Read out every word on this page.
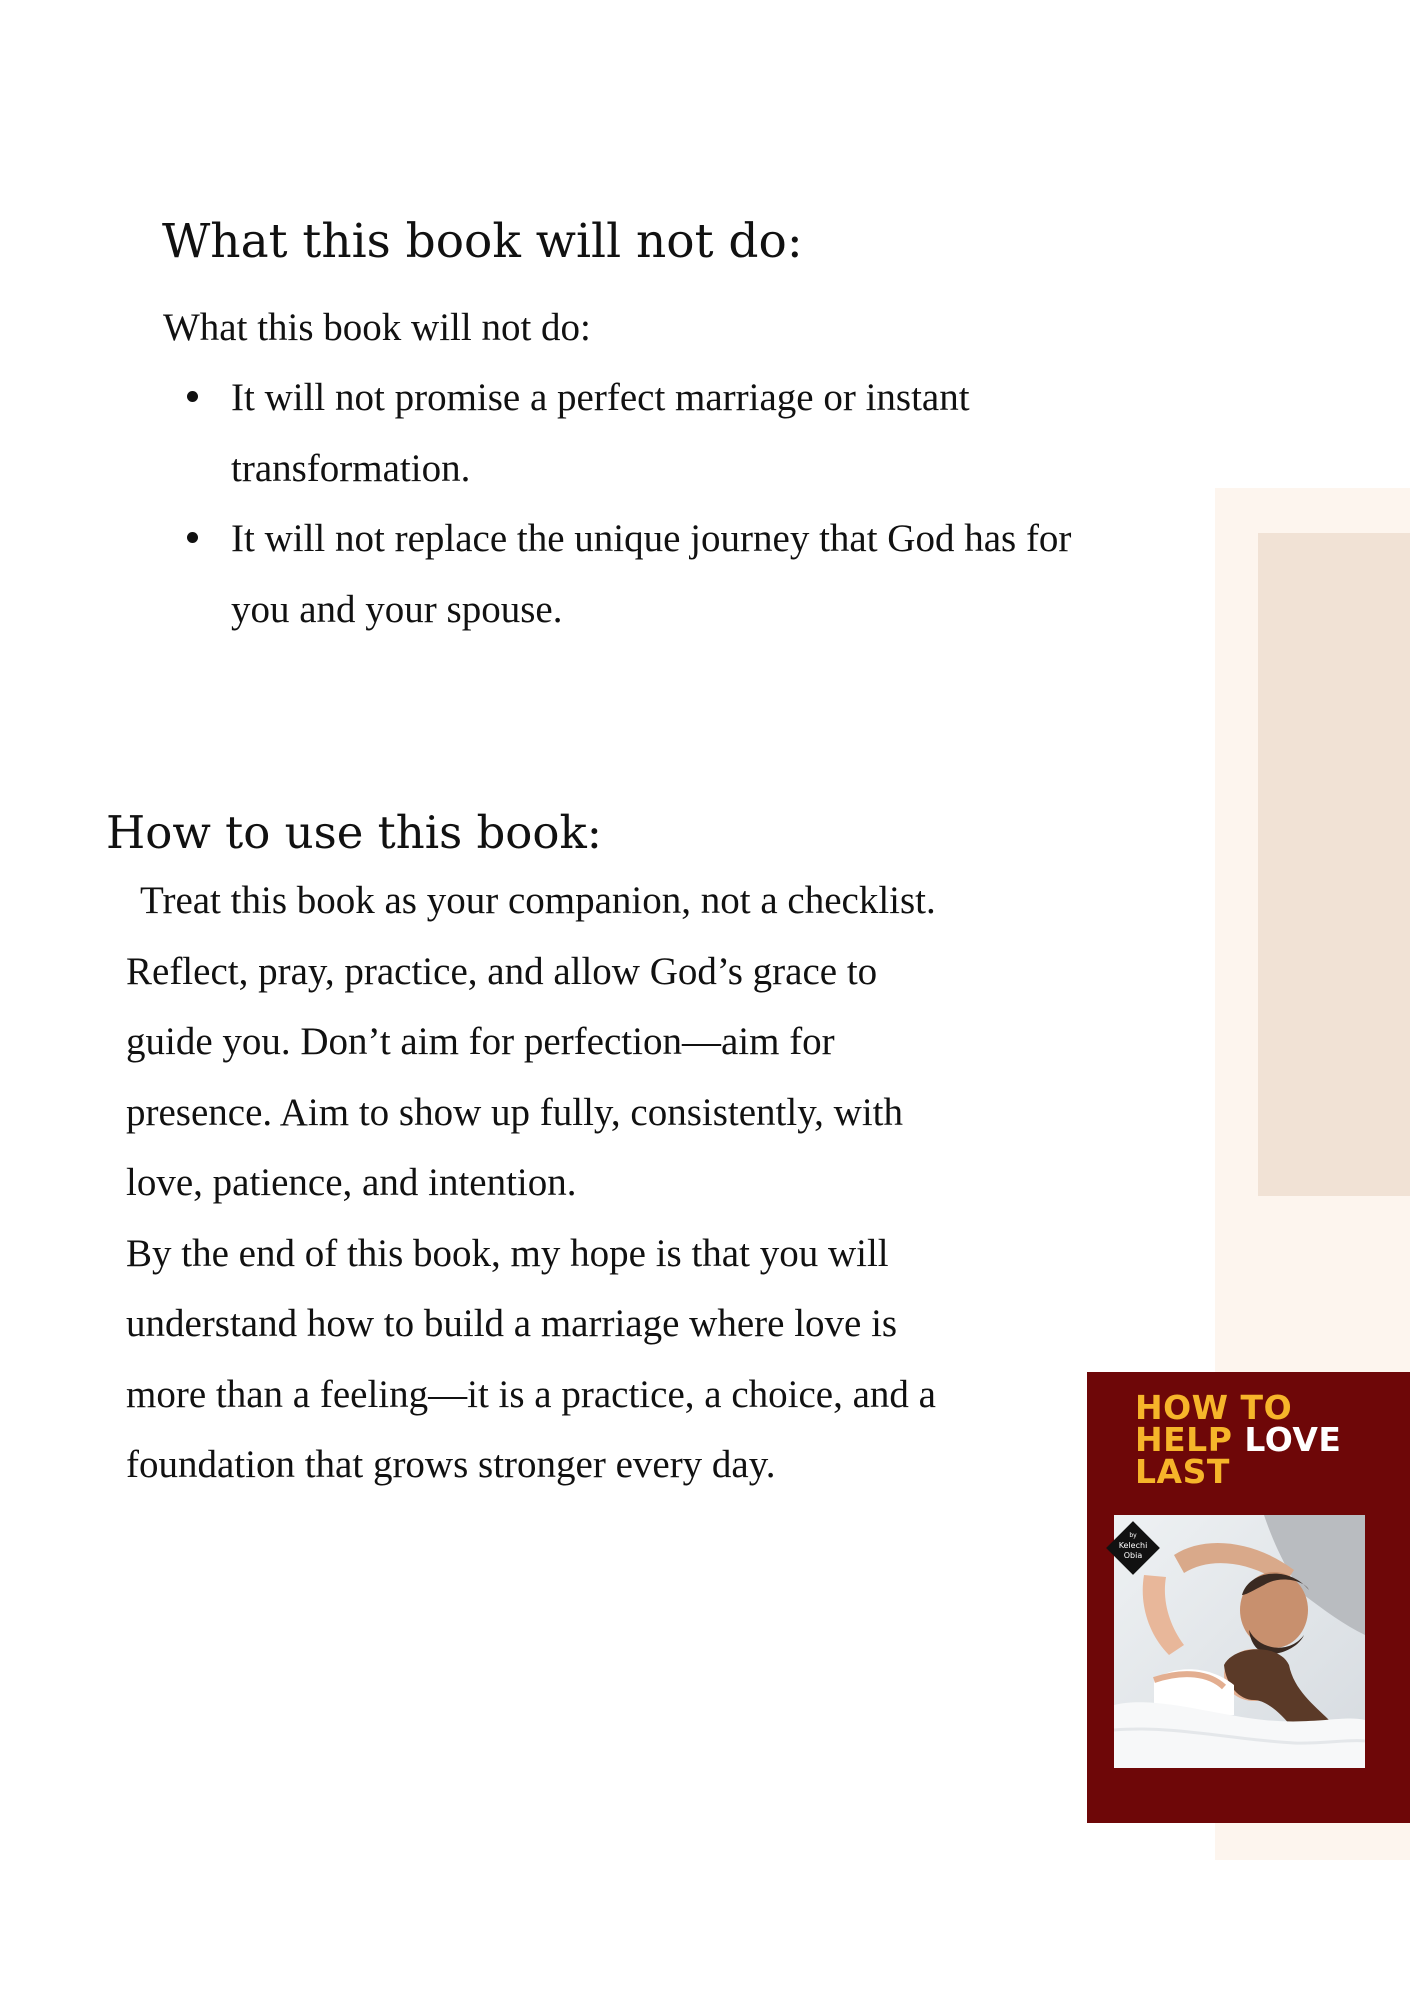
What this book will not do:
What this book will not do:
It will not promise a perfect marriage or instant
transformation.
It will not replace the unique journey that God has for
you and your spouse.
How to use this book:

Treat this book as your companion, not a checklist.

Reflect, pray, practice, and allow God’s grace to

guide you. Don’t aim for perfection—aim for

presence. Aim to show up fully, consistently, with

love, patience, and intention.

By the end of this book, my hope is that you will

understand how to build a marriage where love is

more than a feeling—it is a practice, a choice, and a

foundation that grows stronger every day.

HOW TO
HELP LOVE
LAST
by
Kelechi
Obia
